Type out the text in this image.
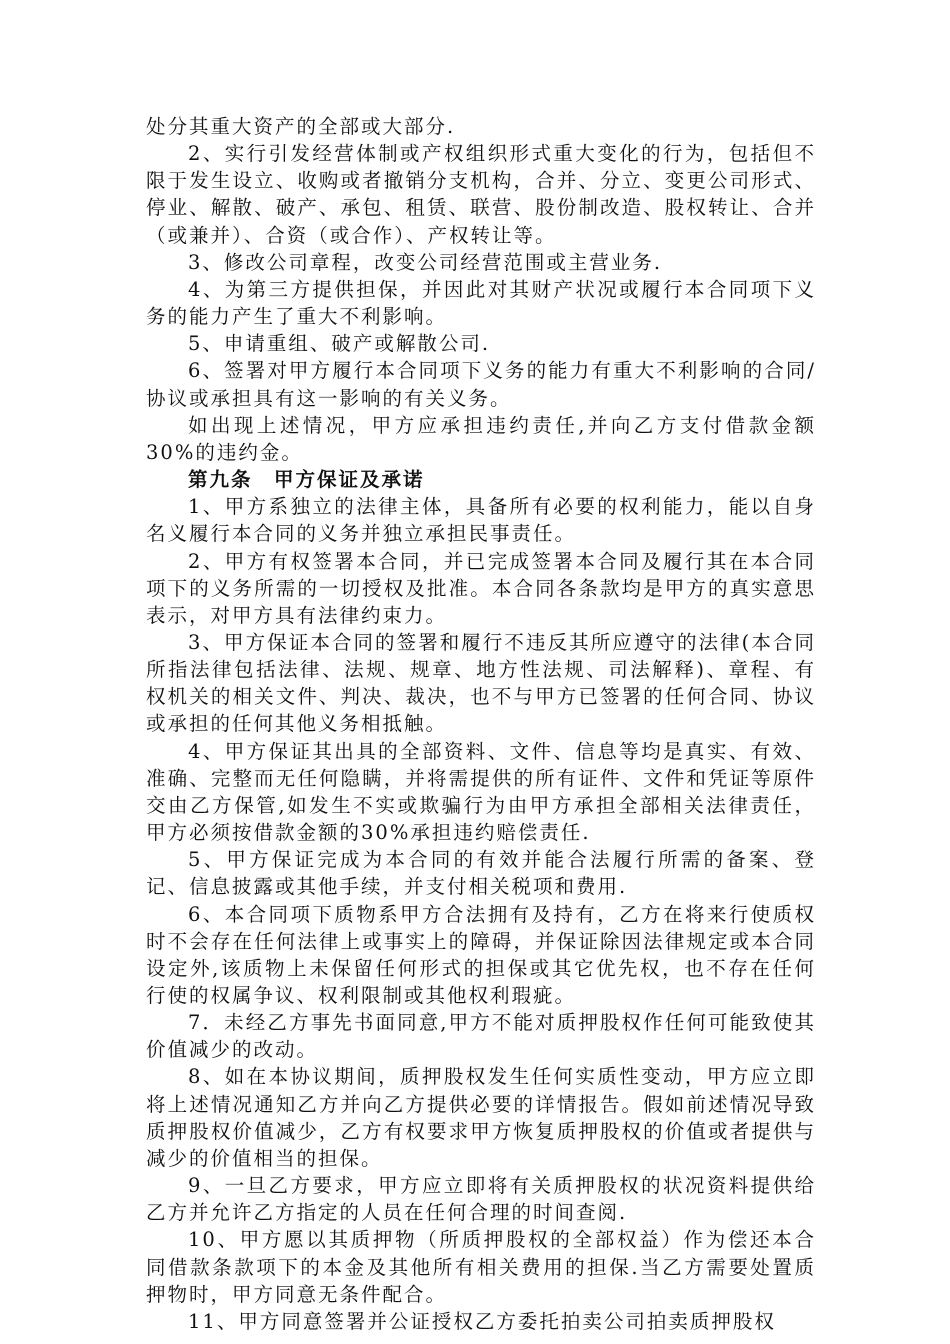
处分其重大资产的全部或大部分.

2、实行引发经营体制或产权组织形式重大变化的行为，包括但不限于发生设立、收购或者撤销分支机构，合并、分立、变更公司形式、停业、解散、破产、承包、租赁、联营、股份制改造、股权转让、合并（或兼并）、合资（或合作）、产权转让等。

3、修改公司章程，改变公司经营范围或主营业务.

4、为第三方提供担保，并因此对其财产状况或履行本合同项下义务的能力产生了重大不利影响。

5、申请重组、破产或解散公司.

6、签署对甲方履行本合同项下义务的能力有重大不利影响的合同/协议或承担具有这一影响的有关义务。

如出现上述情况，甲方应承担违约责任,并向乙方支付借款金额30%的违约金。

第九条　甲方保证及承诺

1、甲方系独立的法律主体，具备所有必要的权利能力，能以自身名义履行本合同的义务并独立承担民事责任。

2、甲方有权签署本合同，并已完成签署本合同及履行其在本合同项下的义务所需的一切授权及批准。本合同各条款均是甲方的真实意思表示，对甲方具有法律约束力。

3、甲方保证本合同的签署和履行不违反其所应遵守的法律(本合同所指法律包括法律、法规、规章、地方性法规、司法解释)、章程、有权机关的相关文件、判决、裁决，也不与甲方已签署的任何合同、协议或承担的任何其他义务相抵触。

4、甲方保证其出具的全部资料、文件、信息等均是真实、有效、准确、完整而无任何隐瞒，并将需提供的所有证件、文件和凭证等原件交由乙方保管,如发生不实或欺骗行为由甲方承担全部相关法律责任，甲方必须按借款金额的30%承担违约赔偿责任.

5、甲方保证完成为本合同的有效并能合法履行所需的备案、登记、信息披露或其他手续，并支付相关税项和费用.

6、本合同项下质物系甲方合法拥有及持有，乙方在将来行使质权时不会存在任何法律上或事实上的障碍，并保证除因法律规定或本合同设定外,该质物上未保留任何形式的担保或其它优先权，也不存在任何行使的权属争议、权利限制或其他权利瑕疵。

7．未经乙方事先书面同意,甲方不能对质押股权作任何可能致使其价值减少的改动。

8、如在本协议期间，质押股权发生任何实质性变动，甲方应立即将上述情况通知乙方并向乙方提供必要的详情报告。假如前述情况导致质押股权价值减少，乙方有权要求甲方恢复质押股权的价值或者提供与减少的价值相当的担保。

9、一旦乙方要求，甲方应立即将有关质押股权的状况资料提供给乙方并允许乙方指定的人员在任何合理的时间查阅.

10、甲方愿以其质押物（所质押股权的全部权益）作为偿还本合同借款条款项下的本金及其他所有相关费用的担保.当乙方需要处置质押物时，甲方同意无条件配合。

11、甲方同意签署并公证授权乙方委托拍卖公司拍卖质押股权
